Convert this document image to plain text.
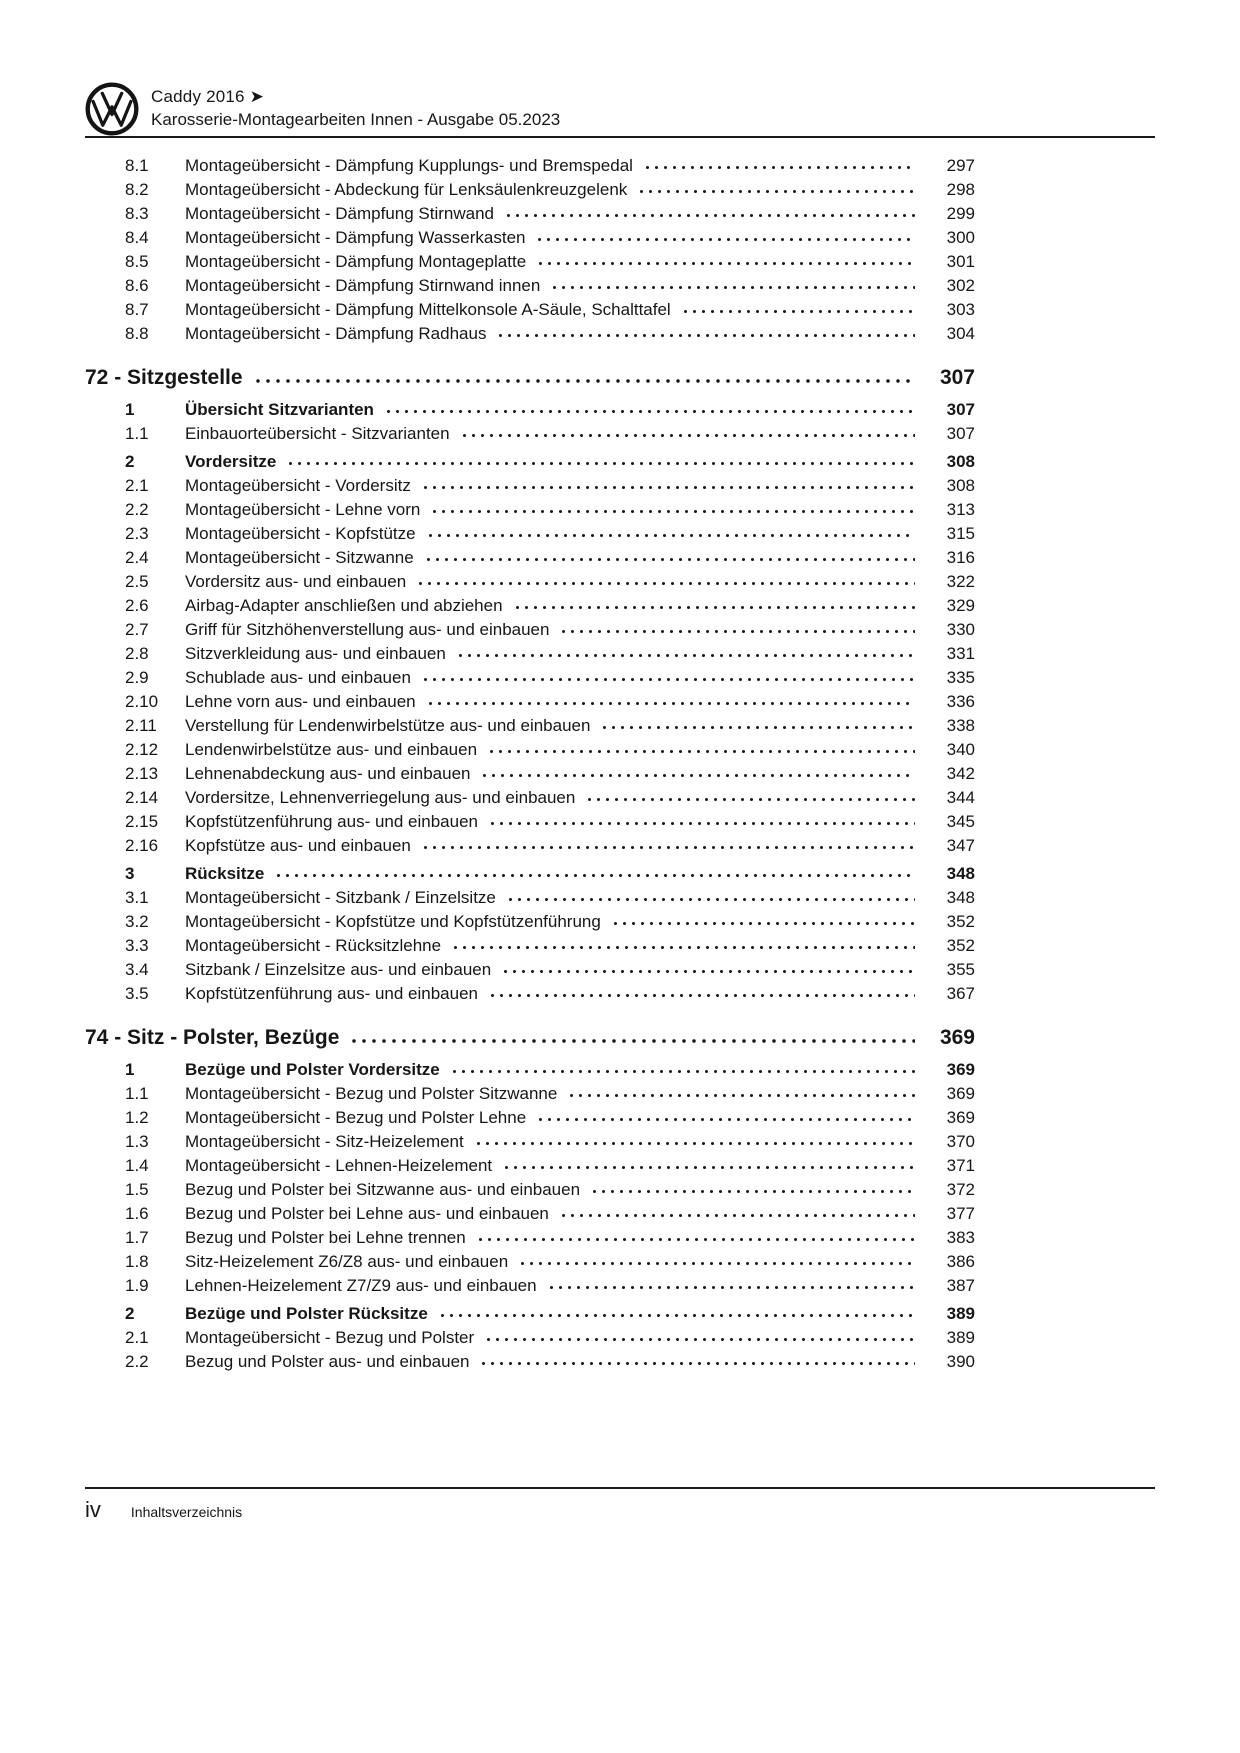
Caddy 2016 ➤
Karosserie-Montagearbeiten Innen - Ausgabe 05.2023
8.1	Montageübersicht - Dämpfung Kupplungs- und Bremspedal	297
8.2	Montageübersicht - Abdeckung für Lenksäulenkreuzgelenk	298
8.3	Montageübersicht - Dämpfung Stirnwand	299
8.4	Montageübersicht - Dämpfung Wasserkasten	300
8.5	Montageübersicht - Dämpfung Montageplatte	301
8.6	Montageübersicht - Dämpfung Stirnwand innen	302
8.7	Montageübersicht - Dämpfung Mittelkonsole A-Säule, Schalttafel	303
8.8	Montageübersicht - Dämpfung Radhaus	304
72 - Sitzgestelle	307
1	Übersicht Sitzvarianten	307
1.1	Einbauorteübersicht - Sitzvarianten	307
2	Vordersitze	308
2.1	Montageübersicht - Vordersitz	308
2.2	Montageübersicht - Lehne vorn	313
2.3	Montageübersicht - Kopfstütze	315
2.4	Montageübersicht - Sitzwanne	316
2.5	Vordersitz aus- und einbauen	322
2.6	Airbag-Adapter anschließen und abziehen	329
2.7	Griff für Sitzhöhenverstellung aus- und einbauen	330
2.8	Sitzverkleidung aus- und einbauen	331
2.9	Schublade aus- und einbauen	335
2.10	Lehne vorn aus- und einbauen	336
2.11	Verstellung für Lendenwirbelstütze aus- und einbauen	338
2.12	Lendenwirbelstütze aus- und einbauen	340
2.13	Lehnenabdeckung aus- und einbauen	342
2.14	Vordersitze, Lehnenverriegelung aus- und einbauen	344
2.15	Kopfstützenführung aus- und einbauen	345
2.16	Kopfstütze aus- und einbauen	347
3	Rücksitze	348
3.1	Montageübersicht - Sitzbank / Einzelsitze	348
3.2	Montageübersicht - Kopfstütze und Kopfstützenführung	352
3.3	Montageübersicht - Rücksitzlehne	352
3.4	Sitzbank / Einzelsitze aus- und einbauen	355
3.5	Kopfstützenführung aus- und einbauen	367
74 - Sitz - Polster, Bezüge	369
1	Bezüge und Polster Vordersitze	369
1.1	Montageübersicht - Bezug und Polster Sitzwanne	369
1.2	Montageübersicht - Bezug und Polster Lehne	369
1.3	Montageübersicht - Sitz-Heizelement	370
1.4	Montageübersicht - Lehnen-Heizelement	371
1.5	Bezug und Polster bei Sitzwanne aus- und einbauen	372
1.6	Bezug und Polster bei Lehne aus- und einbauen	377
1.7	Bezug und Polster bei Lehne trennen	383
1.8	Sitz-Heizelement Z6/Z8 aus- und einbauen	386
1.9	Lehnen-Heizelement Z7/Z9 aus- und einbauen	387
2	Bezüge und Polster Rücksitze	389
2.1	Montageübersicht - Bezug und Polster	389
2.2	Bezug und Polster aus- und einbauen	390
iv Inhaltsverzeichnis
